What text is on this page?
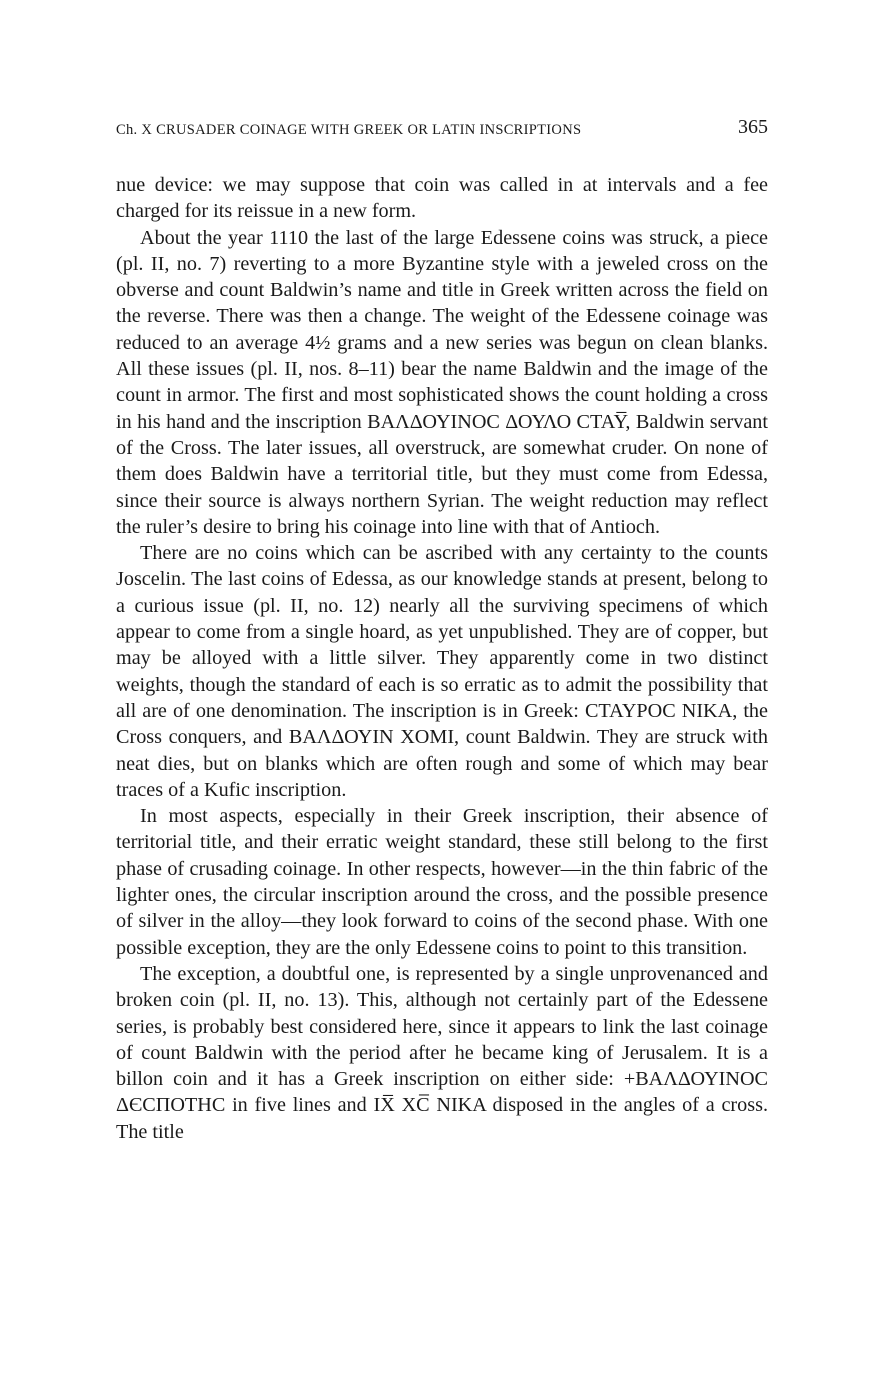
Ch. X CRUSADER COINAGE WITH GREEK OR LATIN INSCRIPTIONS	365

nue device: we may suppose that coin was called in at intervals and a fee charged for its reissue in a new form.

About the year 1110 the last of the large Edessene coins was struck, a piece (pl. II, no. 7) reverting to a more Byzantine style with a jeweled cross on the obverse and count Baldwin’s name and title in Greek written across the field on the reverse. There was then a change. The weight of the Edessene coinage was reduced to an average 4½ grams and a new series was begun on clean blanks. All these issues (pl. II, nos. 8–11) bear the name Baldwin and the image of the count in armor. The first and most sophisticated shows the count holding a cross in his hand and the inscription ΒΑΛΔΟΥΙΝΟC ΔΟΥΛΟ CTAY̅, Baldwin servant of the Cross. The later issues, all overstruck, are somewhat cruder. On none of them does Baldwin have a territorial title, but they must come from Edessa, since their source is always northern Syrian. The weight reduction may reflect the ruler’s desire to bring his coinage into line with that of Antioch.

There are no coins which can be ascribed with any certainty to the counts Joscelin. The last coins of Edessa, as our knowledge stands at present, belong to a curious issue (pl. II, no. 12) nearly all the surviving specimens of which appear to come from a single hoard, as yet unpublished. They are of copper, but may be alloyed with a little silver. They apparently come in two distinct weights, though the standard of each is so erratic as to admit the possibility that all are of one denomination. The inscription is in Greek: CTAYPOC NIKA, the Cross conquers, and ΒΑΛΔΟΥΙΝ XOMI, count Baldwin. They are struck with neat dies, but on blanks which are often rough and some of which may bear traces of a Kufic inscription.

In most aspects, especially in their Greek inscription, their absence of territorial title, and their erratic weight standard, these still belong to the first phase of crusading coinage. In other respects, however—in the thin fabric of the lighter ones, the circular inscription around the cross, and the possible presence of silver in the alloy—they look forward to coins of the second phase. With one possible exception, they are the only Edessene coins to point to this transition.

The exception, a doubtful one, is represented by a single unprovenanced and broken coin (pl. II, no. 13). This, although not certainly part of the Edessene series, is probably best considered here, since it appears to link the last coinage of count Baldwin with the period after he became king of Jerusalem. It is a billon coin and it has a Greek inscription on either side: +ΒΑΛΔΟΥΙΝΟC ΔЄCΠΟΤΗC in five lines and IX̅ XC̅ NIKA disposed in the angles of a cross. The title
